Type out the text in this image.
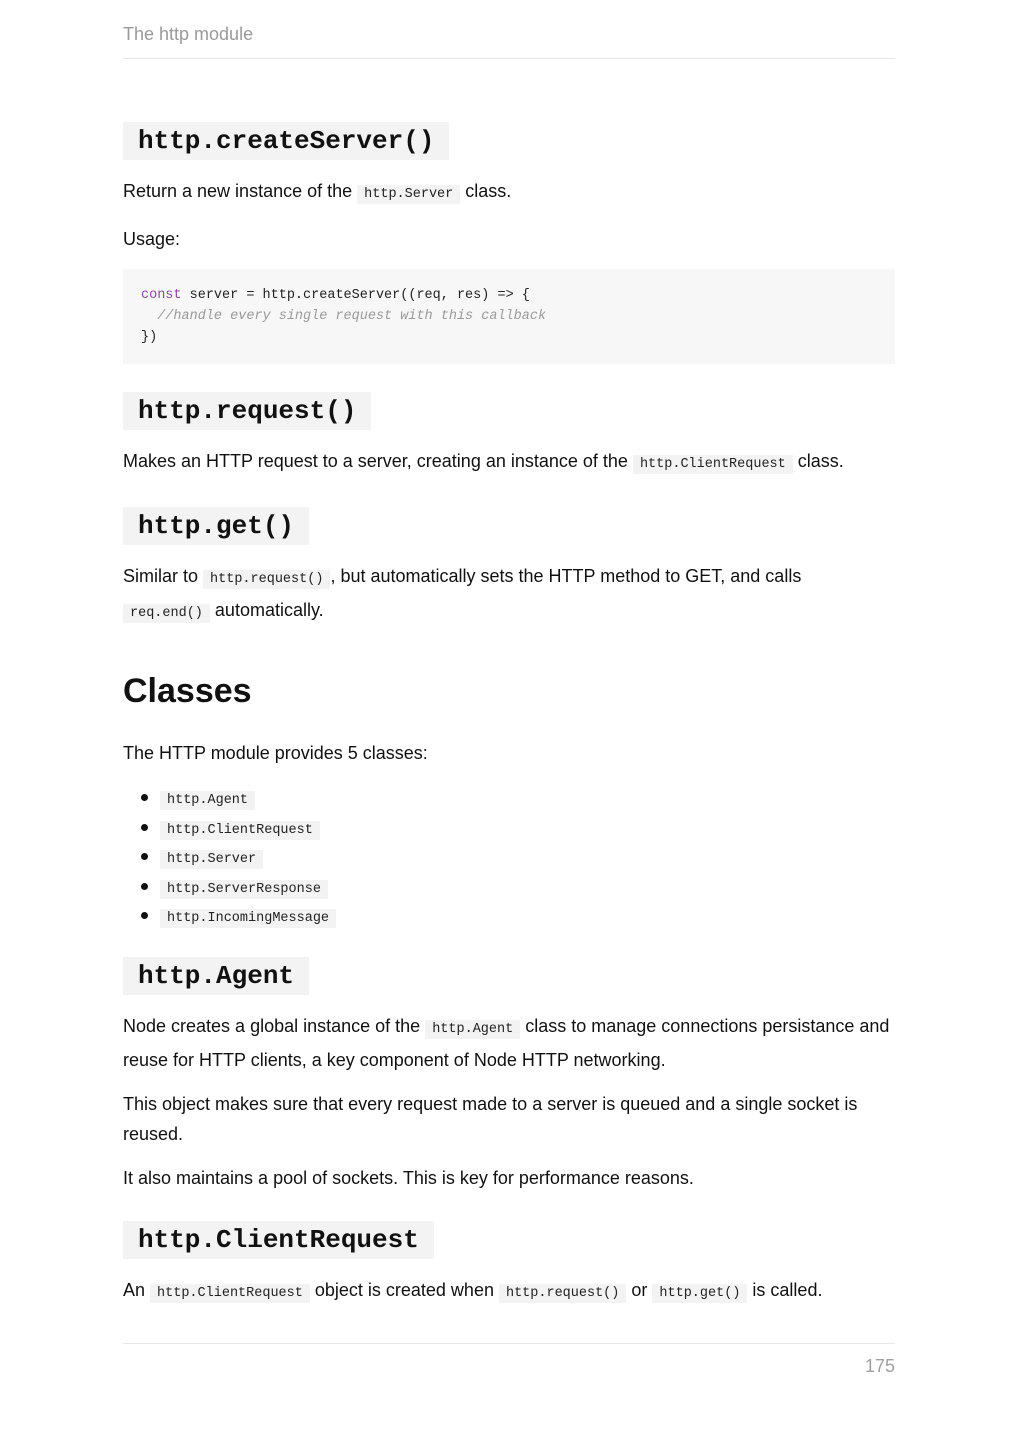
The http module
http.createServer()

Return a new instance of the http.Server class.

Usage:

const server = http.createServer((req, res) => {
//handle every single request with this callback
})
http.request()

Makes an HTTP request to a server, creating an instance of the http.ClientRequest class.

http.get()

Similar to http.request() , but automatically sets the HTTP method to GET, and calls
req.end() automatically.

Classes

The HTTP module provides 5 classes:

http.Agent
http.ClientRequest
http.Server
http.ServerResponse
http.IncomingMessage
http.Agent

Node creates a global instance of the http.Agent class to manage connections persistance and reuse for HTTP clients, a key component of Node HTTP networking.

This object makes sure that every request made to a server is queued and a single socket is reused.

It also maintains a pool of sockets. This is key for performance reasons.

http.ClientRequest

An http.ClientRequest object is created when http.request() or http.get() is called.

175
